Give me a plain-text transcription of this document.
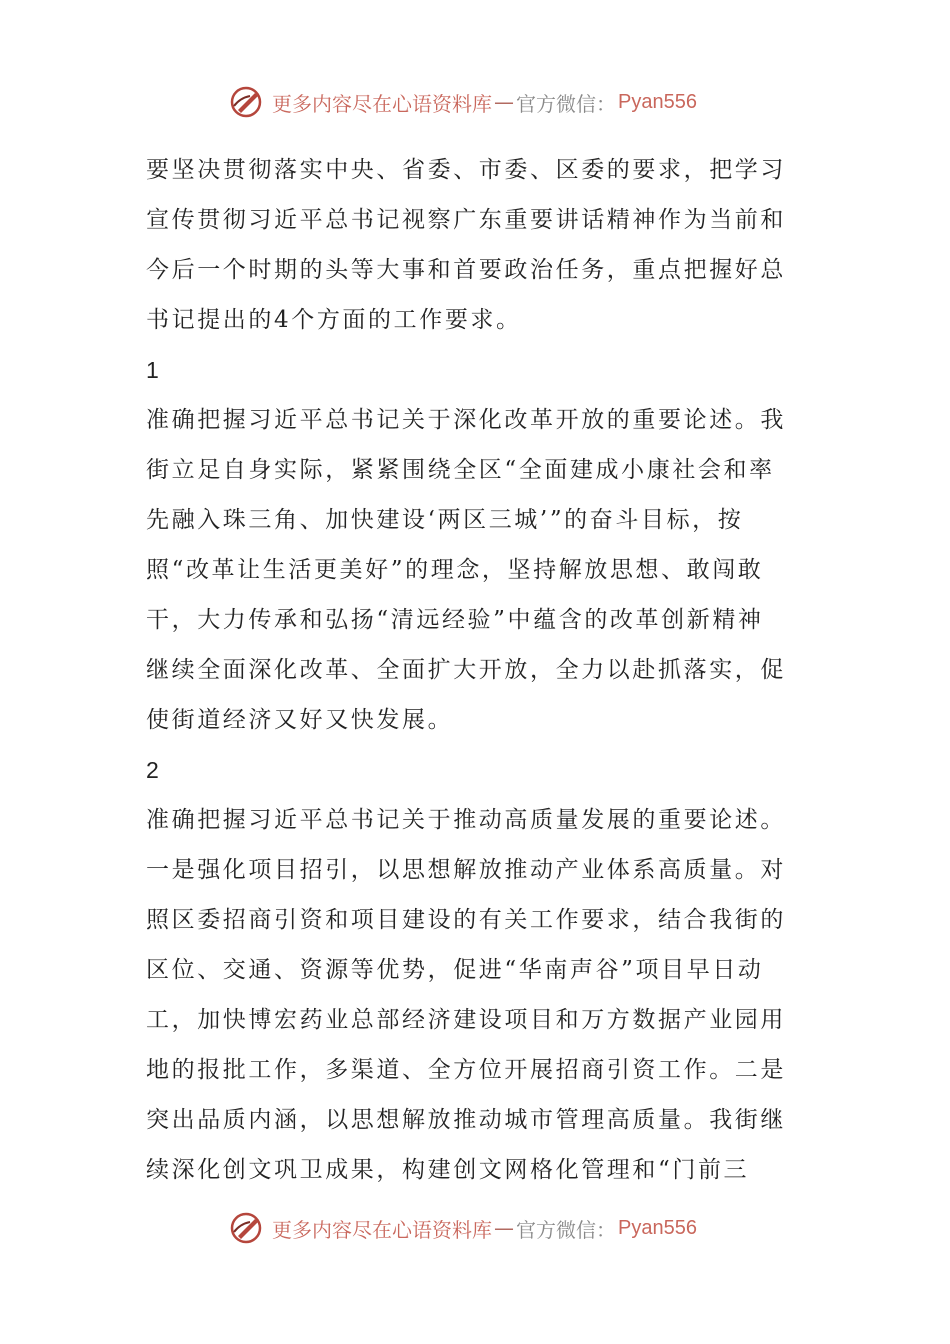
更多内容尽在心语资料库 — 官方微信： Pyan556
要坚决贯彻落实中央、省委、市委、区委的要求，把学习
宣传贯彻习近平总书记视察广东重要讲话精神作为当前和
今后一个时期的头等大事和首要政治任务，重点把握好总
书记提出的4个方面的工作要求。
1
准确把握习近平总书记关于深化改革开放的重要论述。我
街立足自身实际，紧紧围绕全区“全面建成小康社会和率
先融入珠三角、加快建设‘两区三城’”的奋斗目标，按
照“改革让生活更美好”的理念，坚持解放思想、敢闯敢
干，大力传承和弘扬“清远经验”中蕴含的改革创新精神
继续全面深化改革、全面扩大开放，全力以赴抓落实，促
使街道经济又好又快发展。
2
准确把握习近平总书记关于推动高质量发展的重要论述。
一是强化项目招引，以思想解放推动产业体系高质量。对
照区委招商引资和项目建设的有关工作要求，结合我街的
区位、交通、资源等优势，促进“华南声谷”项目早日动
工，加快博宏药业总部经济建设项目和万方数据产业园用
地的报批工作，多渠道、全方位开展招商引资工作。二是
突出品质内涵，以思想解放推动城市管理高质量。我街继
续深化创文巩卫成果，构建创文网格化管理和“门前三
更多内容尽在心语资料库 — 官方微信： Pyan556
